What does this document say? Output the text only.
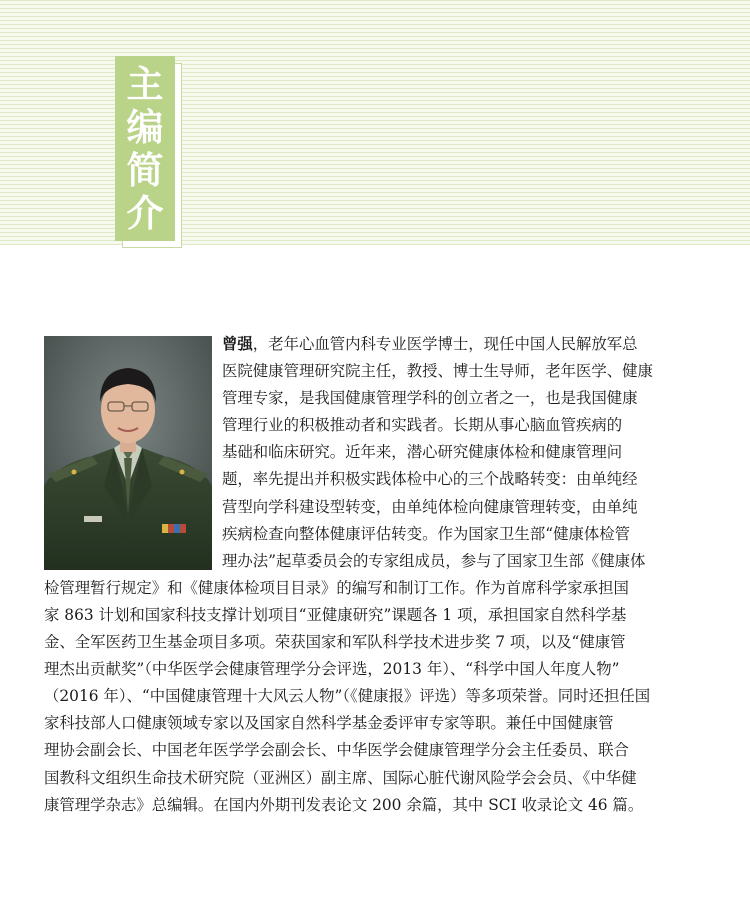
主
编
简
介

曾强，老年心血管内科专业医学博士，现任中国人民解放军总
医院健康管理研究院主任，教授、博士生导师，老年医学、健康
管理专家，是我国健康管理学科的创立者之一，也是我国健康
管理行业的积极推动者和实践者。长期从事心脑血管疾病的
基础和临床研究。近年来，潜心研究健康体检和健康管理问
题，率先提出并积极实践体检中心的三个战略转变：由单纯经
营型向学科建设型转变，由单纯体检向健康管理转变，由单纯
疾病检查向整体健康评估转变。作为国家卫生部“健康体检管
理办法”起草委员会的专家组成员，参与了国家卫生部《健康体
检管理暂行规定》和《健康体检项目目录》的编写和制订工作。作为首席科学家承担国
家 863 计划和国家科技支撑计划项目“亚健康研究”课题各 1 项，承担国家自然科学基
金、全军医药卫生基金项目多项。荣获国家和军队科学技术进步奖 7 项，以及“健康管
理杰出贡献奖”（中华医学会健康管理学分会评选，2013 年）、“科学中国人年度人物”
（2016 年）、“中国健康管理十大风云人物”（《健康报》评选）等多项荣誉。同时还担任国
家科技部人口健康领域专家以及国家自然科学基金委评审专家等职。兼任中国健康管
理协会副会长、中国老年医学学会副会长、中华医学会健康管理学分会主任委员、联合
国教科文组织生命技术研究院（亚洲区）副主席、国际心脏代谢风险学会会员、《中华健
康管理学杂志》总编辑。在国内外期刊发表论文 200 余篇，其中 SCI 收录论文 46 篇。
